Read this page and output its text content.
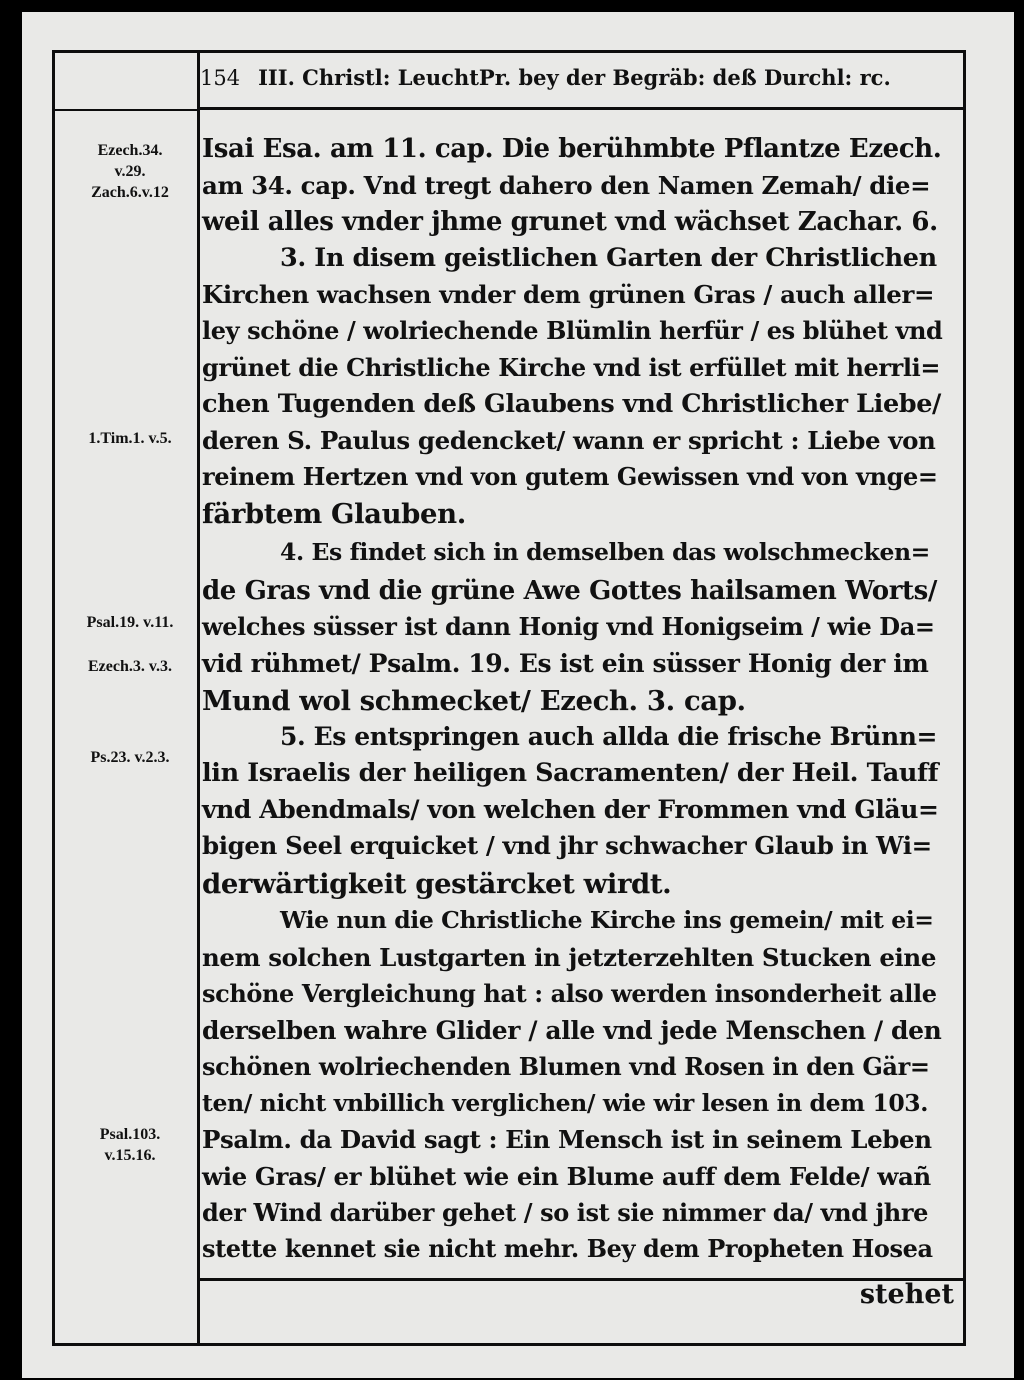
154 III. Christl: LeuchtPr. bey der Begräb: deß Durchl: rc.
Ezech.34.
v.29.
Zach.6.v.12
1.Tim.1. v.5.
Psal.19. v.11.
Ezech.3. v.3.
Ps.23. v.2.3.
Psal.103.
v.15.16.
Isai Esa. am 11. cap. Die berühmbte Pflantze Ezech.
am 34. cap. Vnd tregt dahero den Namen Zemah/ die=
weil alles vnder jhme grunet vnd wächset Zachar. 6.
3. In disem geistlichen Garten der Christlichen
Kirchen wachsen vnder dem grünen Gras / auch aller=
ley schöne / wolriechende Blümlin herfür / es blühet vnd
grünet die Christliche Kirche vnd ist erfüllet mit herrli=
chen Tugenden deß Glaubens vnd Christlicher Liebe/
deren S. Paulus gedencket/ wann er spricht : Liebe von
reinem Hertzen vnd von gutem Gewissen vnd von vnge=
färbtem Glauben.
4. Es findet sich in demselben das wolschmecken=
de Gras vnd die grüne Awe Gottes hailsamen Worts/
welches süsser ist dann Honig vnd Honigseim / wie Da=
vid rühmet/ Psalm. 19. Es ist ein süsser Honig der im
Mund wol schmecket/ Ezech. 3. cap.
5. Es entspringen auch allda die frische Brünn=
lin Israelis der heiligen Sacramenten/ der Heil. Tauff
vnd Abendmals/ von welchen der Frommen vnd Gläu=
bigen Seel erquicket / vnd jhr schwacher Glaub in Wi=
derwärtigkeit gestärcket wirdt.
Wie nun die Christliche Kirche ins gemein/ mit ei=
nem solchen Lustgarten in jetzterzehlten Stucken eine
schöne Vergleichung hat : also werden insonderheit alle
derselben wahre Glider / alle vnd jede Menschen / den
schönen wolriechenden Blumen vnd Rosen in den Gär=
ten/ nicht vnbillich verglichen/ wie wir lesen in dem 103.
Psalm. da David sagt : Ein Mensch ist in seinem Leben
wie Gras/ er blühet wie ein Blume auff dem Felde/ wañ
der Wind darüber gehet / so ist sie nimmer da/ vnd jhre
stette kennet sie nicht mehr. Bey dem Propheten Hosea
stehet
